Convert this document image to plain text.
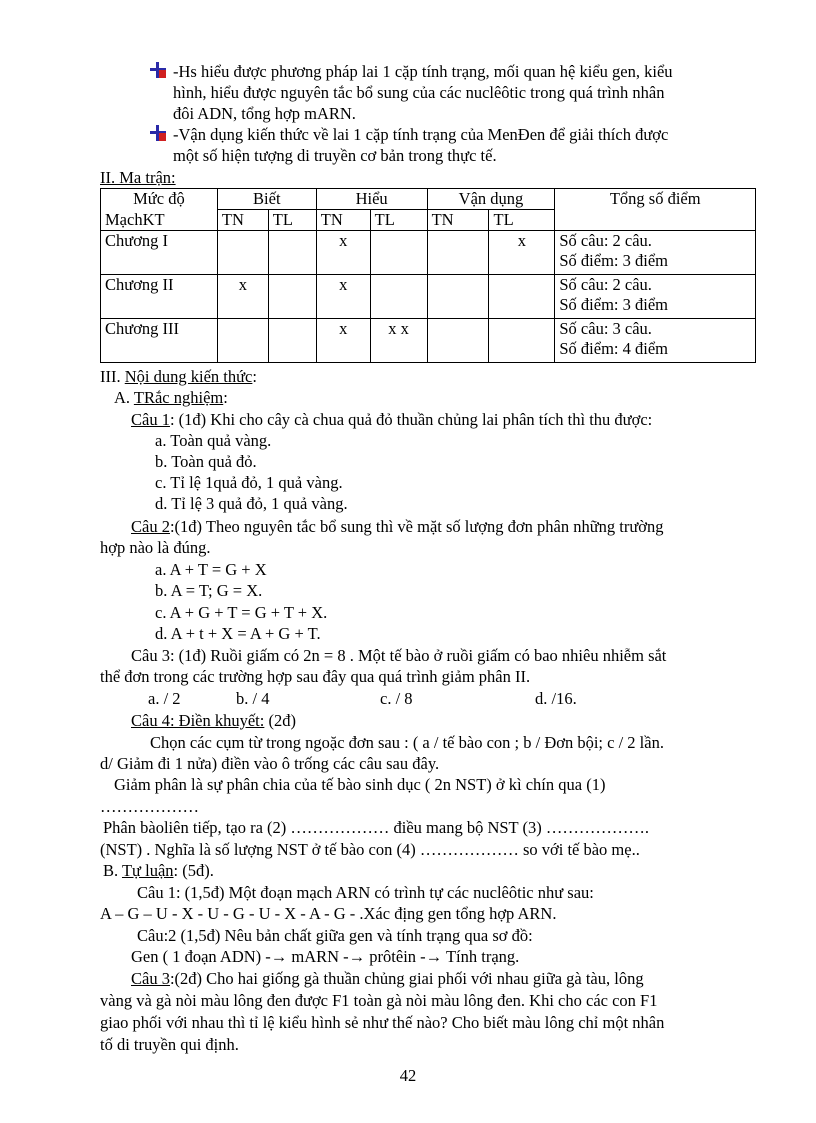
-Hs hiểu được phương pháp lai 1 cặp tính trạng, mối quan hệ kiểu gen, kiểu
hình, hiểu được nguyên tắc bổ sung của các nuclêôtic trong quá trình nhân
đôi ADN, tổng hợp mARN.
-Vận dụng kiến thức về lai 1 cặp tính trạng của MenĐen để giải thích được
một số hiện tượng di truyền cơ bản trong thực tế.
II. Ma trận:
Mức độ	Biết		Hiểu		Vận dụng		Tổng số điểm
MạchKT	TN	TL	TN	TL	TN	TL	
Chương I			x			x	Số câu: 2 câu.
Số điểm: 3 điểm

Chương II	x		x				Số câu: 2 câu.
Số điểm: 3 điểm

Chương III			x	x x			Số câu: 3 câu.
Số điểm: 4 điểm
III. Nội dung kiến thức:
A. TRắc nghiệm:
Câu 1: (1đ) Khi cho cây cà chua quả đỏ thuần chủng lai phân tích thì thu được:
a. Toàn quả vàng.
b. Toàn quả đỏ.
c. Tỉ lệ 1quả đỏ, 1 quả vàng.
d. Tỉ lệ 3 quả đỏ, 1 quả vàng.
Câu 2:(1đ) Theo nguyên tắc bổ sung thì về mặt số lượng đơn phân những trường
hợp nào là đúng.
a. A + T = G + X
b. A = T; G = X.
c. A + G + T = G + T + X.
d. A + t + X = A + G + T.
Câu 3: (1đ) Ruồi giấm có 2n = 8 . Một tế bào ở ruồi giấm có bao nhiêu nhiễm sắt
thể đơn trong các trường hợp sau đây qua quá trình giảm phân II.
a. / 2	b. / 4	c. / 8	d. /16.
Câu 4: Điền khuyết: (2đ)
Chọn các cụm từ trong ngoặc đơn sau : ( a / tế bào con ; b / Đơn bội; c / 2 lần.
d/ Giảm đi 1 nửa) điền vào ô trống các câu sau đây.
Giảm phân là sự phân chia của tế bào sinh dục ( 2n NST) ở kì chín qua (1)
………………
Phân bàoliên tiếp, tạo ra (2) ……………… điều mang bộ NST (3) ……………….
(NST) . Nghĩa là số lượng NST ở tế bào con (4) ……………… so với tế bào mẹ..
B. Tự luận: (5đ).
Câu 1: (1,5đ) Một đoạn mạch ARN có trình tự các nuclêôtic như sau:
A – G – U - X - U - G - U - X - A - G - .Xác địng gen tổng hợp ARN.
Câu:2 (1,5đ) Nêu bản chất giữa gen và tính trạng qua sơ đồ:
Gen ( 1 đoạn ADN) -→ mARN -→ prôtêin -→ Tính trạng.
Câu 3:(2đ) Cho hai giống gà thuần chủng giai phối với nhau giữa gà tàu, lông
vàng và gà nòi màu lông đen được F1 toàn gà nòi màu lông đen. Khi cho các con F1
giao phối với nhau thì tỉ lệ kiểu hình sẻ như thế nào? Cho biết màu lông chỉ một nhân
tố di truyền qui định.
42
